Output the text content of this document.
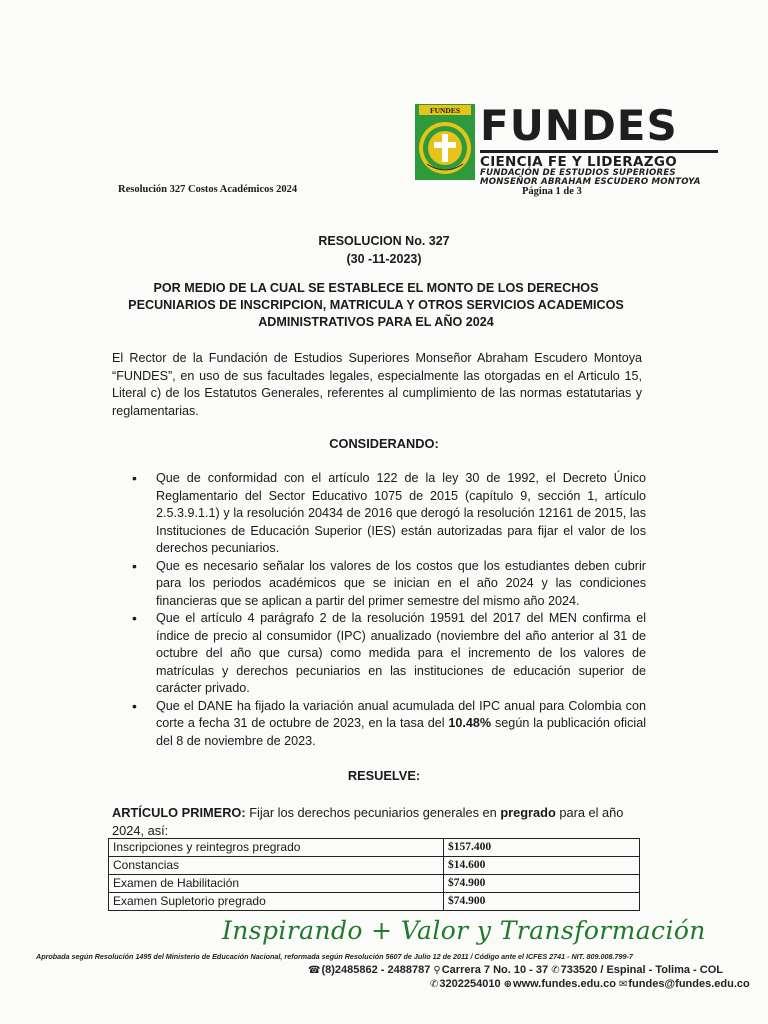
FUNDES FUNDES
CIENCIA FE Y LIDERAZGO
FUNDACIÓN DE ESTUDIOS SUPERIORES
MONSEÑOR ABRAHAM ESCUDERO MONTOYA
Resolución 327 Costos Académicos 2024	Página 1 de 3
RESOLUCION No. 327
(30 -11-2023)
POR MEDIO DE LA CUAL SE ESTABLECE EL MONTO DE LOS DERECHOS
PECUNIARIOS DE INSCRIPCION, MATRICULA Y OTROS SERVICIOS ACADEMICOS
ADMINISTRATIVOS PARA EL AÑO 2024
El Rector de la Fundación de Estudios Superiores Monseñor Abraham Escudero Montoya “FUNDES”, en uso de sus facultades legales, especialmente las otorgadas en el Articulo 15, Literal c) de los Estatutos Generales, referentes al cumplimiento de las normas estatutarias y reglamentarias.
CONSIDERANDO:
• Que de conformidad con el artículo 122 de la ley 30 de 1992, el Decreto Único Reglamentario del Sector Educativo 1075 de 2015 (capítulo 9, sección 1, artículo 2.5.3.9.1.1) y la resolución 20434 de 2016 que derogó la resolución 12161 de 2015, las Instituciones de Educación Superior (IES) están autorizadas para fijar el valor de los derechos pecuniarios.
• Que es necesario señalar los valores de los costos que los estudiantes deben cubrir para los periodos académicos que se inician en el año 2024 y las condiciones financieras que se aplican a partir del primer semestre del mismo año 2024.
• Que el artículo 4 parágrafo 2 de la resolución 19591 del 2017 del MEN confirma el índice de precio al consumidor (IPC) anualizado (noviembre del año anterior al 31 de octubre del año que cursa) como medida para el incremento de los valores de matrículas y derechos pecuniarios en las instituciones de educación superior de carácter privado.
• Que el DANE ha fijado la variación anual acumulada del IPC anual para Colombia con corte a fecha 31 de octubre de 2023, en la tasa del 10.48% según la publicación oficial del 8 de noviembre de 2023.
RESUELVE:
ARTÍCULO PRIMERO: Fijar los derechos pecuniarios generales en pregrado para el año 2024, así:
Inscripciones y reintegros pregrado	$157.400
Constancias	$14.600
Examen de Habilitación	$74.900
Examen Supletorio pregrado	$74.900
Inspirando + Valor y Transformación
Aprobada según Resolución 1495 del Ministerio de Educación Nacional, reformada según Resolución 5607 de Julio 12 de 2011 / Código ante el ICFES 2741 - NIT. 809.008.799-7
☎(8)2485862 - 2488787 ⚲Carrera 7 No. 10 - 37 ✆733520 / Espinal - Tolima - COL
✆3202254010 ⊕www.fundes.edu.co ✉fundes@fundes.edu.co
